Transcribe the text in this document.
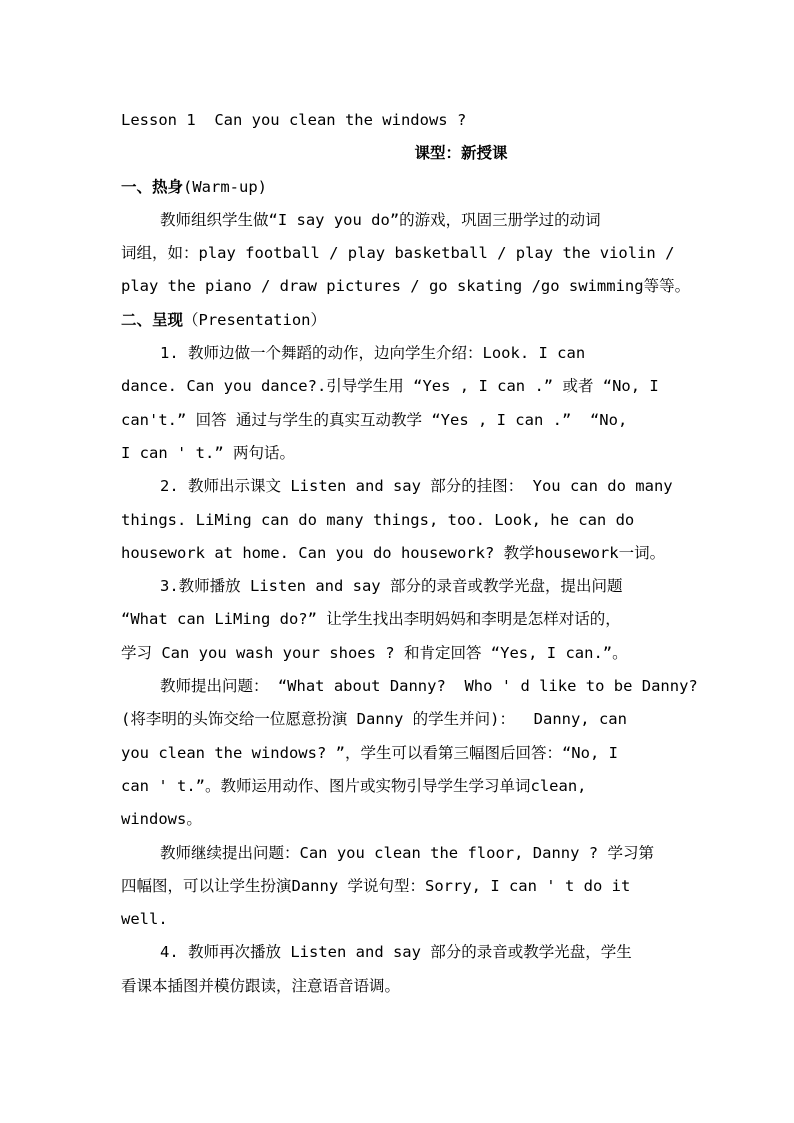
Lesson 1  Can you clean the windows ?
课型：新授课
一、热身(Warm-up)
教师组织学生做“I say you do”的游戏，巩固三册学过的动词
词组，如：play football / play basketball / play the violin /
play the piano / draw pictures / go skating /go swimming等等。
二、呈现（Presentation）
1. 教师边做一个舞蹈的动作，边向学生介绍：Look. I can
dance. Can you dance?.引导学生用 “Yes , I can .” 或者 “No, I
can't.” 回答 通过与学生的真实互动教学 “Yes , I can .”  “No,
I can ' t.” 两句话。
2. 教师出示课文 Listen and say 部分的挂图： You can do many
things. LiMing can do many things, too. Look, he can do
housework at home. Can you do housework? 教学housework一词。
3.教师播放 Listen and say 部分的录音或教学光盘，提出问题
“What can LiMing do?” 让学生找出李明妈妈和李明是怎样对话的，
学习 Can you wash your shoes ? 和肯定回答 “Yes, I can.”。
教师提出问题： “What about Danny?  Who ' d like to be Danny?
(将李明的头饰交给一位愿意扮演 Danny 的学生并问)：  Danny, can
you clean the windows? ”，学生可以看第三幅图后回答：“No, I
can ' t.”。教师运用动作、图片或实物引导学生学习单词clean,
windows。
教师继续提出问题：Can you clean the floor, Danny ? 学习第
四幅图，可以让学生扮演Danny 学说句型：Sorry, I can ' t do it
well.
4. 教师再次播放 Listen and say 部分的录音或教学光盘，学生
看课本插图并模仿跟读，注意语音语调。
